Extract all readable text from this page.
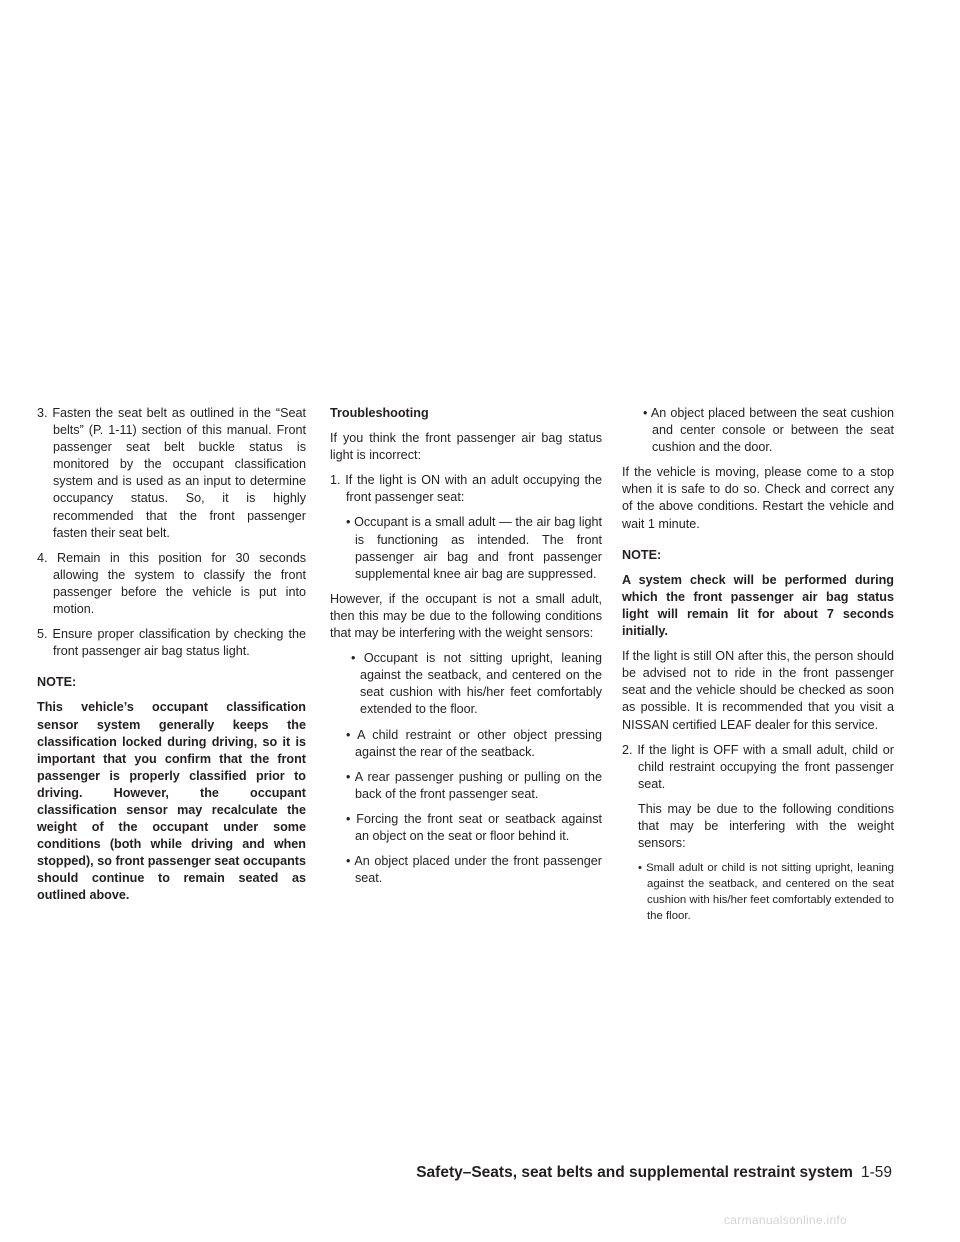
3. Fasten the seat belt as outlined in the “Seat belts” (P. 1-11) section of this manual. Front passenger seat belt buckle status is monitored by the occupant classification system and is used as an input to determine occupancy status. So, it is highly recommended that the front passenger fasten their seat belt.

4. Remain in this position for 30 seconds allowing the system to classify the front passenger before the vehicle is put into motion.

5. Ensure proper classification by checking the front passenger air bag status light.

NOTE:

This vehicle’s occupant classification sensor system generally keeps the classification locked during driving, so it is important that you confirm that the front passenger is properly classified prior to driving. However, the occupant classification sensor may recalculate the weight of the occupant under some conditions (both while driving and when stopped), so front passenger seat occupants should continue to remain seated as outlined above.

Troubleshooting

If you think the front passenger air bag status light is incorrect:

1. If the light is ON with an adult occupying the front passenger seat:

• Occupant is a small adult — the air bag light is functioning as intended. The front passenger air bag and front passenger supplemental knee air bag are suppressed.

However, if the occupant is not a small adult, then this may be due to the following conditions that may be interfering with the weight sensors:

• Occupant is not sitting upright, leaning against the seatback, and centered on the seat cushion with his/her feet comfortably extended to the floor.

• A child restraint or other object pressing against the rear of the seatback.

• A rear passenger pushing or pulling on the back of the front passenger seat.

• Forcing the front seat or seatback against an object on the seat or floor behind it.

• An object placed under the front passenger seat.

• An object placed between the seat cushion and center console or between the seat cushion and the door.

If the vehicle is moving, please come to a stop when it is safe to do so. Check and correct any of the above conditions. Restart the vehicle and wait 1 minute.

NOTE:

A system check will be performed during which the front passenger air bag status light will remain lit for about 7 seconds initially.

If the light is still ON after this, the person should be advised not to ride in the front passenger seat and the vehicle should be checked as soon as possible. It is recommended that you visit a NISSAN certified LEAF dealer for this service.

2. If the light is OFF with a small adult, child or child restraint occupying the front passenger seat.

This may be due to the following conditions that may be interfering with the weight sensors:

• Small adult or child is not sitting upright, leaning against the seatback, and centered on the seat cushion with his/her feet comfortably extended to the floor.

Safety–Seats, seat belts and supplemental restraint system 1-59
carmanualsonline.info
